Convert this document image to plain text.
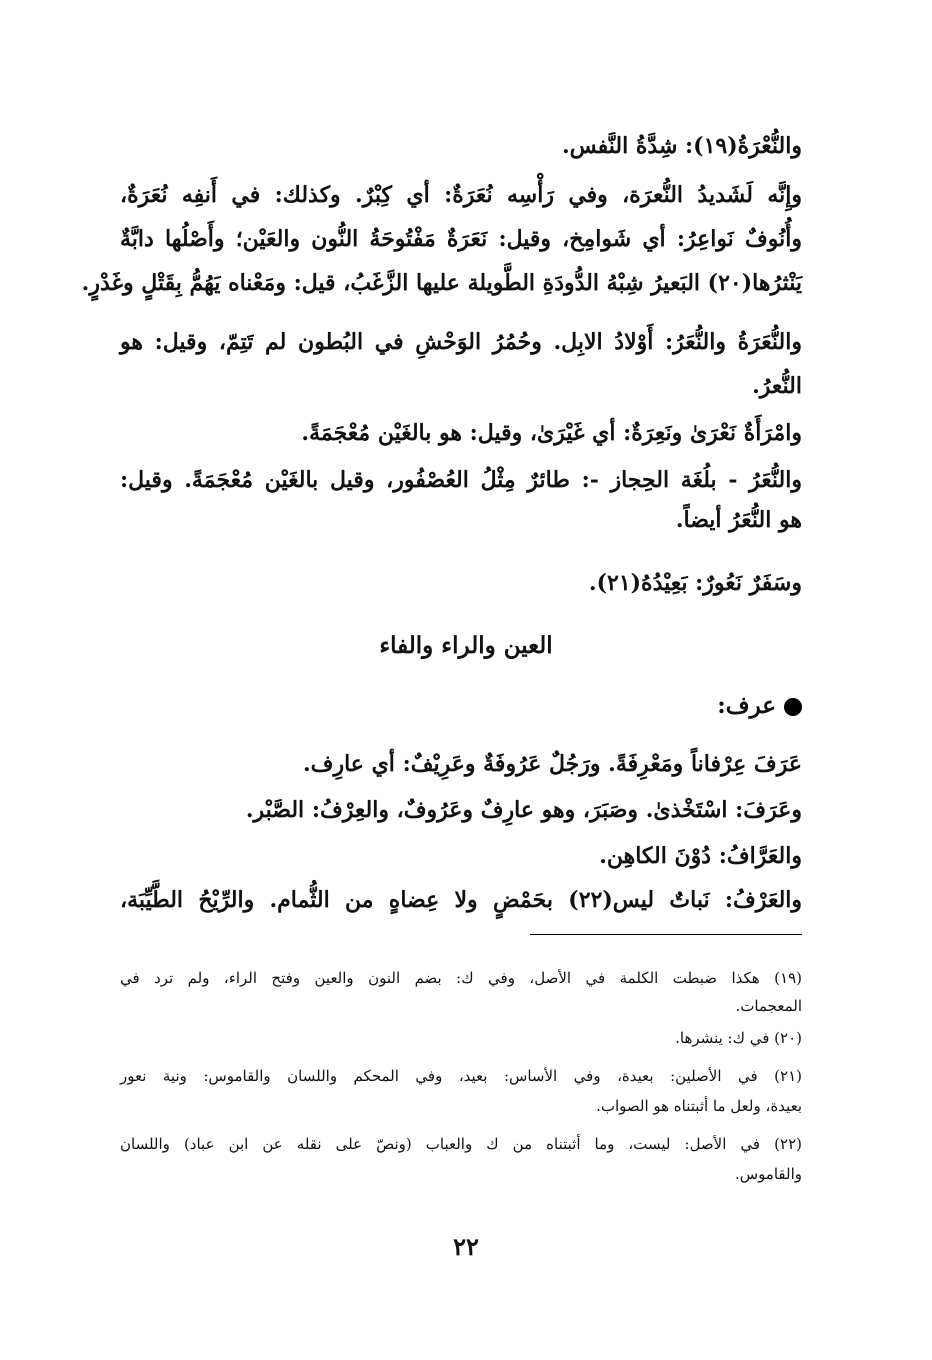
والنُّعْرَةُ(١٩): شِدَّةُ النَّفس.
وإِنَّه لَشَديدُ النُّعرَة، وفي رَأْسِه نُعَرَةٌ: أي كِبْرٌ. وكذلك: في أَنفِه نُعَرَةٌ،
وأُنُوفٌ نَواعِرُ: أي شَوامِخ، وقيل: نَعَرَةٌ مَفْتُوحَةُ النُّون والعَيْن؛ وأَصْلُها دابَّةٌ
يَنْثرُها(٢٠) البَعيرُ شِبْهُ الدُّودَةِ الطَّويلة عليها الزَّغَبُ، قيل: ومَعْناه يَهُمُّ بِقَتْلٍ وغَدْرٍ.
والنُّعَرَةُ والنُّعَرُ: أَوْلادُ الابِل. وحُمُرُ الوَحْشِ في البُطون لم تَتِمّ، وقيل: هو
النُّعرُ.
وامْرَأَةٌ نَعْرَىٰ ونَعِرَةٌ: أي غَيْرَىٰ، وقيل: هو بالغَيْن مُعْجَمَةً.
والنُّعَرُ - بلُغَة الحِجاز -: طائرٌ مِثْلُ العُصْفُور، وقيل بالغَيْن مُعْجَمَةً. وقيل:
هو النُّعَرُ أيضاً.
وسَفَرٌ نَعُورٌ: بَعِيْدُهُ(٢١).
العين والراء والفاء
عرف:
عَرَفَ عِرْفاناً ومَعْرِفَةً. ورَجُلٌ عَرُوفَةٌ وعَرِيْفٌ: أي عارِف.
وعَرَفَ: اسْتَخْذىٰ. وصَبَرَ، وهو عارِفٌ وعَرُوفٌ، والعِرْفُ: الصَّبْر.
والعَرَّافُ: دُوْنَ الكاهِن.
والعَرْفُ: نَباتٌ ليس(٢٢) بحَمْضٍ ولا عِضاهٍ من الثُّمام. والرِّيْحُ الطَّيِّبَة،
(١٩) هكذا ضبطت الكلمة في الأصل، وفي ك: بضم النون والعين وفتح الراء، ولم ترد في
المعجمات.
(٢٠) في ك: ينشرها.
(٢١) في الأصلين: بعيدة، وفي الأساس: بعيد، وفي المحكم واللسان والقاموس: ونية نعور
بعيدة، ولعل ما أثبتناه هو الصواب.
(٢٢) في الأصل: ليست، وما أثبتناه من ك والعباب (ونصّ على نقله عن ابن عباد) واللسان
والقاموس.
٢٢
